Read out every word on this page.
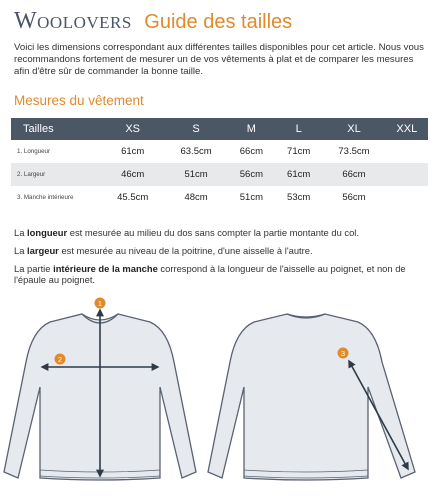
Woolovers Guide des tailles
Voici les dimensions correspondant aux différentes tailles disponibles pour cet article. Nous vous recommandons fortement de mesurer un de vos vêtements à plat et de comparer les mesures afin d'être sûr de commander la bonne taille.
Mesures du vêtement
Tailles	XS	S	M	L	XL	XXL
1. Longueur	61cm	63.5cm	66cm	71cm	73.5cm	
2. Largeur	46cm	51cm	56cm	61cm	66cm	
3. Manche intérieure	45.5cm	48cm	51cm	53cm	56cm	

La longueur est mesurée au milieu du dos sans compter la partie montante du col.

La largeur est mesurée au niveau de la poitrine, d'une aisselle à l'autre.

La partie intérieure de la manche correspond à la longueur de l'aisselle au poignet, et non de l'épaule au poignet.

1
2
3
